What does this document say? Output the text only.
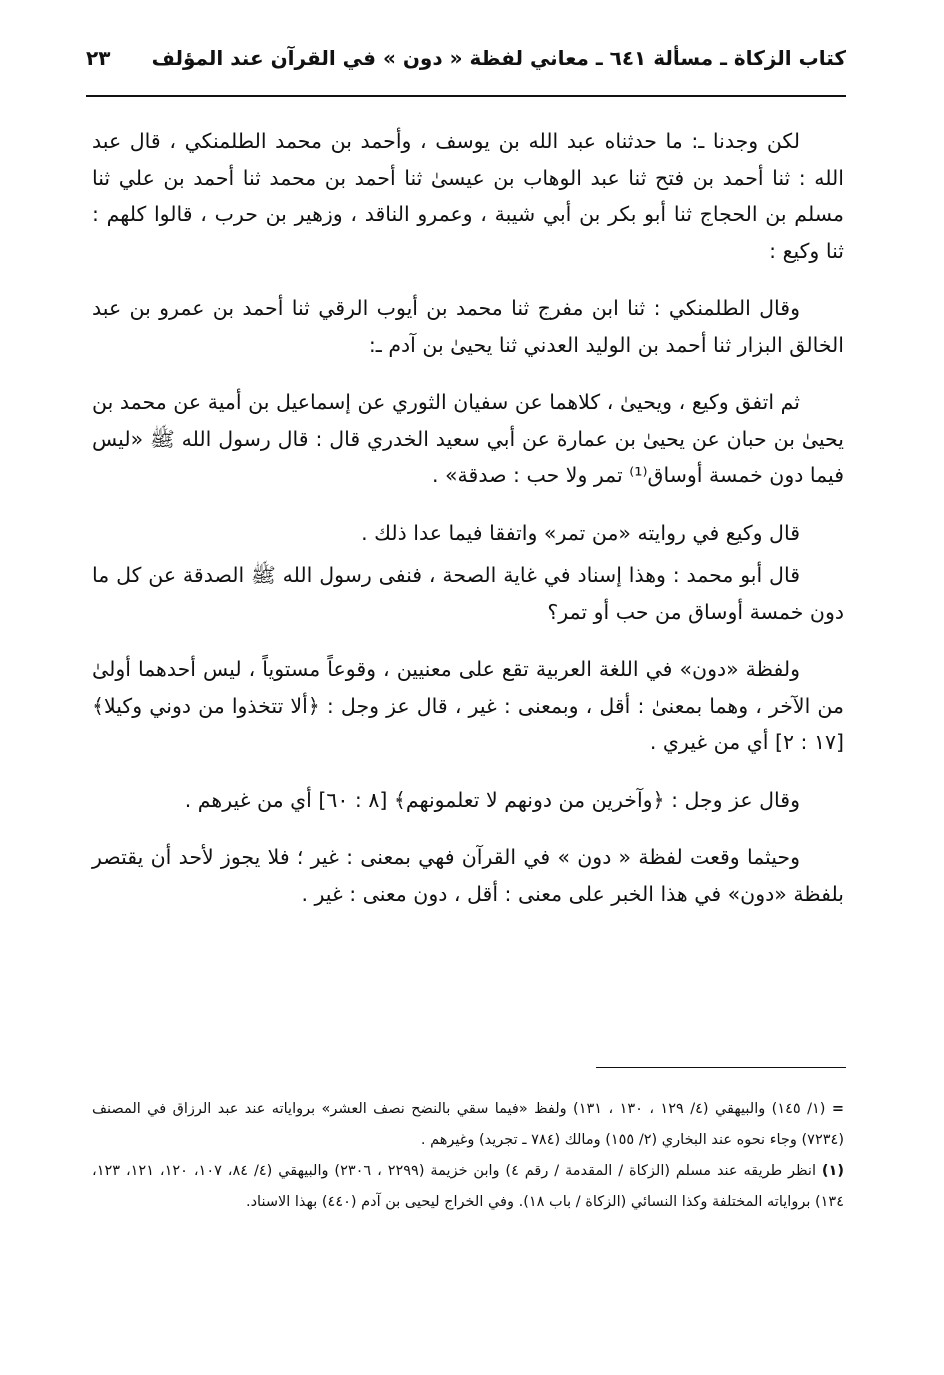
كتاب الزكاة ـ مسألة ٦٤١ ـ معاني لفظة « دون » في القرآن عند المؤلف
٢٣

لكن وجدنا ـ: ما حدثناه عبد الله بن يوسف ، وأحمد بن محمد الطلمنكي ، قال عبد الله : ثنا أحمد بن فتح ثنا عبد الوهاب بن عيسىٰ ثنا أحمد بن محمد ثنا أحمد بن علي ثنا مسلم بن الحجاج ثنا أبو بكر بن أبي شيبة ، وعمرو الناقد ، وزهير بن حرب ، قالوا كلهم : ثنا وكيع :

وقال الطلمنكي : ثنا ابن مفرج ثنا محمد بن أيوب الرقي ثنا أحمد بن عمرو بن عبد الخالق البزار ثنا أحمد بن الوليد العدني ثنا يحيىٰ بن آدم ـ:

ثم اتفق وكيع ، ويحيىٰ ، كلاهما عن سفيان الثوري عن إسماعيل بن أمية عن محمد بن يحيىٰ بن حبان عن يحيىٰ بن عمارة عن أبي سعيد الخدري قال : قال رسول الله ﷺ «ليس فيما دون خمسة أوساق⁽¹⁾ تمر ولا حب : صدقة» .

قال وكيع في روايته «من تمر» واتفقا فيما عدا ذلك .

قال أبو محمد : وهذا إسناد في غاية الصحة ، فنفى رسول الله ﷺ الصدقة عن كل ما دون خمسة أوساق من حب أو تمر؟

ولفظة «دون» في اللغة العربية تقع على معنيين ، وقوعاً مستوياً ، ليس أحدهما أولىٰ من الآخر ، وهما بمعنىٰ : أقل ، وبمعنى : غير ، قال عز وجل : ﴿ألا تتخذوا من دوني وكيلا﴾ [١٧ : ٢] أي من غيري .

وقال عز وجل : ﴿وآخرين من دونهم لا تعلمونهم﴾ [٨ : ٦٠] أي من غيرهم .

وحيثما وقعت لفظة « دون » في القرآن فهي بمعنى : غير ؛ فلا يجوز لأحد أن يقتصر بلفظة «دون» في هذا الخبر على معنى : أقل ، دون معنى : غير .

= (١/ ١٤٥) والبيهقي (٤/ ١٢٩ ، ١٣٠ ، ١٣١) ولفظ «فيما سقي بالنضح نصف العشر» برواياته عند عبد الرزاق في المصنف (٧٢٣٤) وجاء نحوه عند البخاري (٢/ ١٥٥) ومالك (٧٨٤ ـ تجريد) وغيرهم .

(١) انظر طريقه عند مسلم (الزكاة / المقدمة / رقم ٤) وابن خزيمة (٢٢٩٩ ، ٢٣٠٦) والبيهقي (٤/ ٨٤، ١٠٧، ١٢٠، ١٢١، ١٢٣، ١٣٤) برواياته المختلفة وكذا النسائي (الزكاة / باب ١٨). وفي الخراج ليحيى بن آدم (٤٤٠) بهذا الاسناد.
